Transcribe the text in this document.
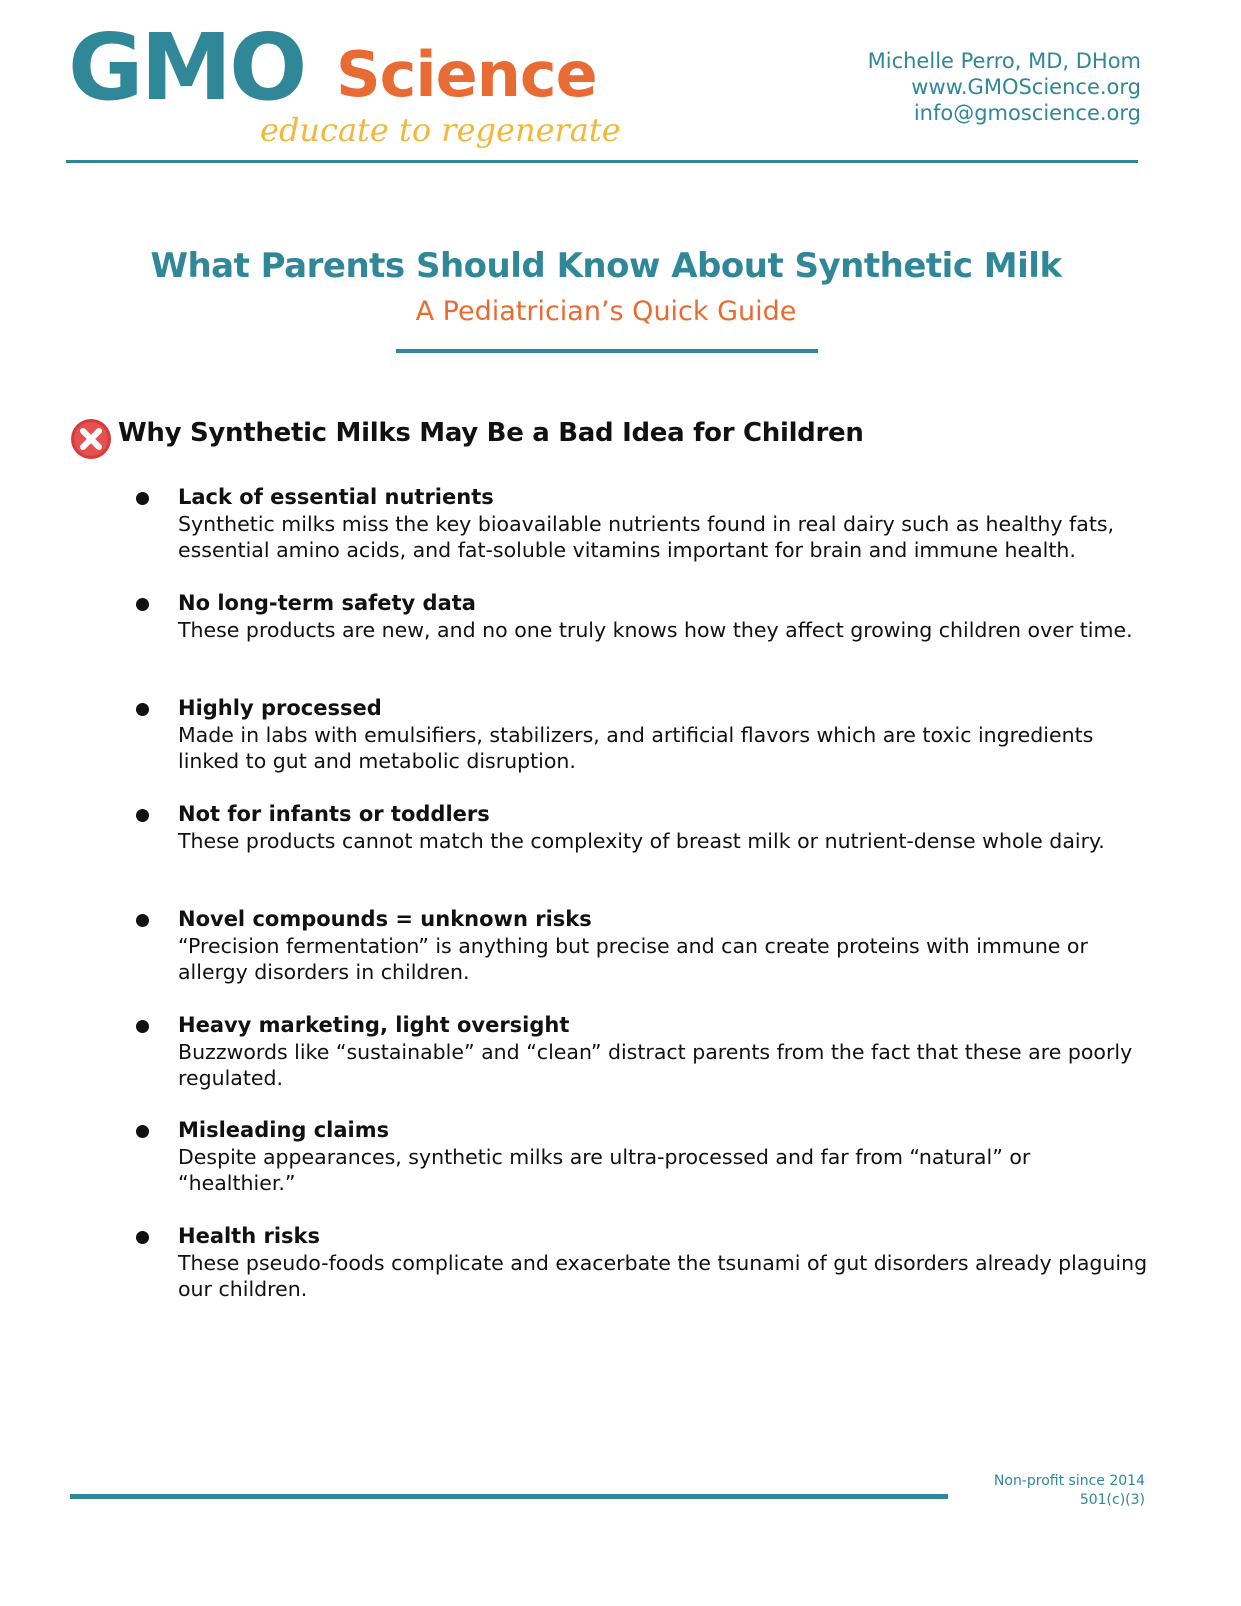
GMO Science
educate to regenerate
Michelle Perro, MD, DHom
www.GMOScience.org
info@gmoscience.org
What Parents Should Know About Synthetic Milk
A Pediatrician’s Quick Guide
Why Synthetic Milks May Be a Bad Idea for Children
Lack of essential nutrients
Synthetic milks miss the key bioavailable nutrients found in real dairy such as healthy fats, essential amino acids, and fat-soluble vitamins important for brain and immune health.
No long-term safety data
These products are new, and no one truly knows how they affect growing children over time.
Highly processed
Made in labs with emulsifiers, stabilizers, and artificial flavors which are toxic ingredients linked to gut and metabolic disruption.
Not for infants or toddlers
These products cannot match the complexity of breast milk or nutrient-dense whole dairy.
Novel compounds = unknown risks
“Precision fermentation” is anything but precise and can create proteins with immune or allergy disorders in children.
Heavy marketing, light oversight
Buzzwords like “sustainable” and “clean” distract parents from the fact that these are poorly regulated.
Misleading claims
Despite appearances, synthetic milks are ultra-processed and far from “natural” or “healthier.”
Health risks
These pseudo-foods complicate and exacerbate the tsunami of gut disorders already plaguing our children.
Non-profit since 2014
501(c)(3)
